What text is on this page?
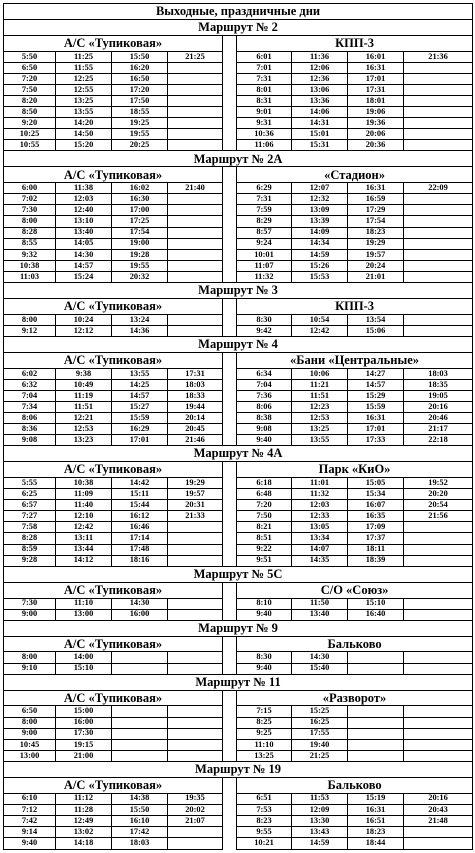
Выходные, праздничные дни								
Маршрут № 2								
А/С «Тупиковая»					КПП-3			
5:50	11:25	15:50	21:25		6:01	11:36	16:01	21:36
6:50	11:55	16:20			7:01	12:06	16:31	
7:20	12:25	16:50			7:31	12:36	17:01	
7:50	12:55	17:20			8:01	13:06	17:31	
8:20	13:25	17:50			8:31	13:36	18:01	
8:50	13:55	18:55			9:01	14:06	19:06	
9:20	14:20	19:25			9:31	14:31	19:36	
10:25	14:50	19:55			10:36	15:01	20:06	
10:55	15:20	20:25			11:06	15:31	20:36	
Маршрут № 2А								
А/С «Тупиковая»					«Стадион»			
6:00	11:38	16:02	21:40		6:29	12:07	16:31	22:09
7:02	12:03	16:30			7:31	12:32	16:59	
7:30	12:40	17:00			7:59	13:09	17:29	
8:00	13:10	17:25			8:29	13:39	17:54	
8:28	13:40	17:54			8:57	14:09	18:23	
8:55	14:05	19:00			9:24	14:34	19:29	
9:32	14:30	19:28			10:01	14:59	19:57	
10:38	14:57	19:55			11:07	15:26	20:24	
11:03	15:24	20:32			11:32	15:53	21:01	
Маршрут № 3								
А/С «Тупиковая»					КПП-3			
8:00	10:24	13:24			8:30	10:54	13:54	
9:12	12:12	14:36			9:42	12:42	15:06	
Маршрут № 4								
А/С «Тупиковая»					«Бани «Центральные»			
6:02	9:38	13:55	17:31		6:34	10:06	14:27	18:03
6:32	10:49	14:25	18:03		7:04	11:21	14:57	18:35
7:04	11:19	14:57	18:33		7:36	11:51	15:29	19:05
7:34	11:51	15:27	19:44		8:06	12:23	15:59	20:16
8:06	12:21	15:59	20:14		8:38	12:53	16:31	20:46
8:36	12:53	16:29	20:45		9:08	13:25	17:01	21:17
9:08	13:23	17:01	21:46		9:40	13:55	17:33	22:18
Маршрут № 4А								
А/С «Тупиковая»					Парк «КиО»			
5:55	10:38	14:42	19:29		6:18	11:01	15:05	19:52
6:25	11:09	15:11	19:57		6:48	11:32	15:34	20:20
6:57	11:40	15:44	20:31		7:20	12:03	16:07	20:54
7:27	12:10	16:12	21:33		7:50	12:33	16:35	21:56
7:58	12:42	16:46			8:21	13:05	17:09	
8:28	13:11	17:14			8:51	13:34	17:37	
8:59	13:44	17:48			9:22	14:07	18:11	
9:28	14:12	18:16			9:51	14:35	18:39	
Маршрут № 5С								
А/С «Тупиковая»					С/О «Союз»			
7:30	11:10	14:30			8:10	11:50	15:10	
9:00	13:00	16:00			9:40	13:40	16:40	
Маршрут № 9								
А/С «Тупиковая»					Бальково			
8:00	14:00				8:30	14:30		
9:10	15:10				9:40	15:40		
Маршрут № 11								
А/С «Тупиковая»					«Разворот»			
6:50	15:00				7:15	15:25		
8:00	16:00				8:25	16:25		
9:00	17:30				9:25	17:55		
10:45	19:15				11:10	19:40		
13:00	21:00				13:25	21:25		
Маршрут № 19								
А/С «Тупиковая»					Бальково			
6:10	11:12	14:38	19:35		6:51	11:53	15:19	20:16
7:12	11:28	15:50	20:02		7:53	12:09	16:31	20:43
7:42	12:49	16:10	21:07		8:23	13:30	16:51	21:48
9:14	13:02	17:42			9:55	13:43	18:23	
9:40	14:18	18:03			10:21	14:59	18:44	
